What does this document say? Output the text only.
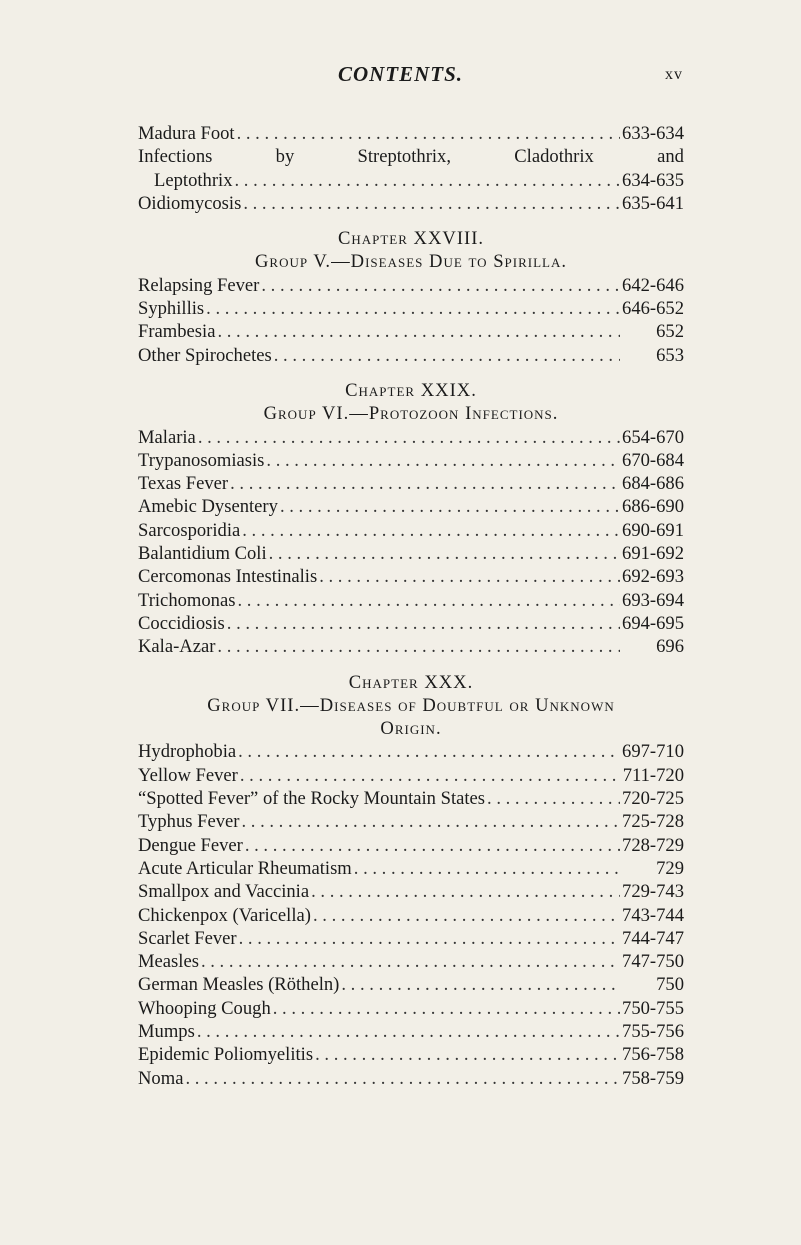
CONTENTS.	xv
Madura Foot . . .	633-634
Infections	by	Streptothrix,	Cladothrix	and
Leptothrix . . .	634-635
Oidiomycosis . . .	635-641
Chapter XXVIII.
Group V.—Diseases Due to Spirilla.
Relapsing Fever . . .	642-646
Syphillis . . .	646-652
Frambesia . . .	652
Other Spirochetes . . .	653
Chapter XXIX.
Group VI.—Protozoon Infections.
Malaria . . .	654-670
Trypanosomiasis . . .	670-684
Texas Fever . . .	684-686
Amebic Dysentery . . .	686-690
Sarcosporidia . . .	690-691
Balantidium Coli . . .	691-692
Cercomonas Intestinalis . . .	692-693
Trichomonas . . .	693-694
Coccidiosis . . .	694-695
Kala-Azar . . .	696
Chapter XXX.
Group VII.—Diseases of Doubtful or Unknown
Origin.
Hydrophobia . . .	697-710
Yellow Fever . . .	711-720
“Spotted Fever” of the Rocky Mountain States . . .	720-725
Typhus Fever . . .	725-728
Dengue Fever . . .	728-729
Acute Articular Rheumatism . . .	729
Smallpox and Vaccinia . . .	729-743
Chickenpox (Varicella) . . .	743-744
Scarlet Fever . . .	744-747
Measles . . .	747-750
German Measles (Rötheln) . . .	750
Whooping Cough . . .	750-755
Mumps . . .	755-756
Epidemic Poliomyelitis . . .	756-758
Noma . . .	758-759
